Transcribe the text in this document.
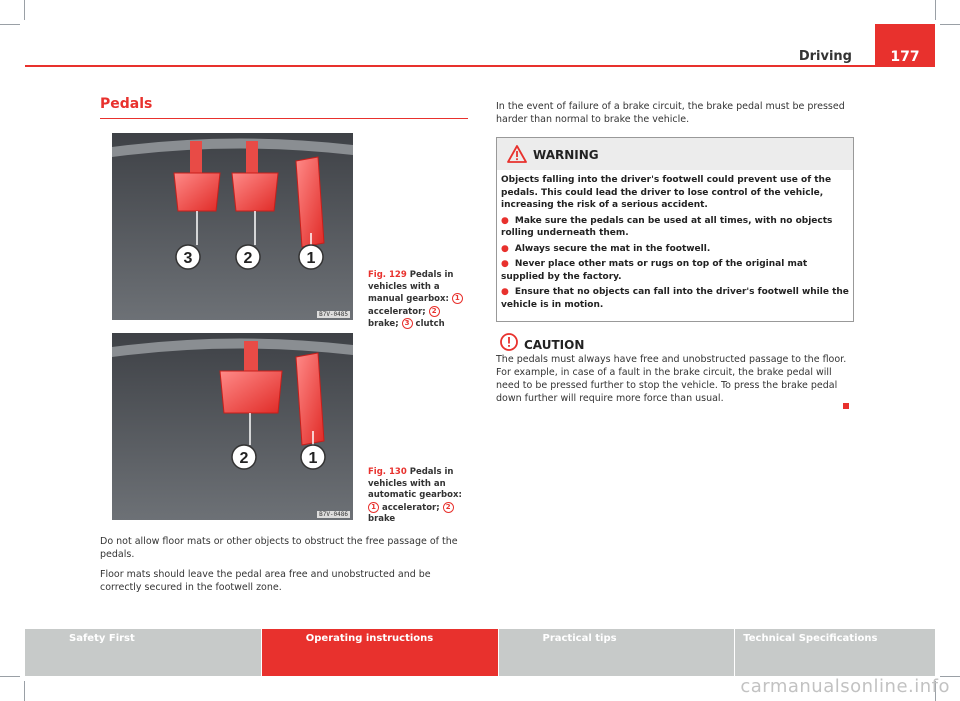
Driving	177
Pedals
3	2	1
B7V-0485
Fig. 129 Pedals in vehicles with a manual gearbox: 1 accelerator; 2 brake; 3 clutch
2	1
B7V-0486
Fig. 130 Pedals in vehicles with an automatic gearbox: 1 accelerator; 2 brake
Do not allow floor mats or other objects to obstruct the free passage of the pedals.
Floor mats should leave the pedal area free and unobstructed and be correctly secured in the footwell zone.
In the event of failure of a brake circuit, the brake pedal must be pressed harder than normal to brake the vehicle.
WARNING

Objects falling into the driver's footwell could prevent use of the pedals. This could lead the driver to lose control of the vehicle, increasing the risk of a serious accident.

● Make sure the pedals can be used at all times, with no objects rolling underneath them.

● Always secure the mat in the footwell.

● Never place other mats or rugs on top of the original mat supplied by the factory.

● Ensure that no objects can fall into the driver's footwell while the vehicle is in motion.

CAUTION
The pedals must always have free and unobstructed passage to the floor. For example, in case of a fault in the brake circuit, the brake pedal will need to be pressed further to stop the vehicle. To press the brake pedal down further will require more force than usual.
Safety First	Operating instructions	Practical tips	Technical Specifications
carmanualsonline.info
